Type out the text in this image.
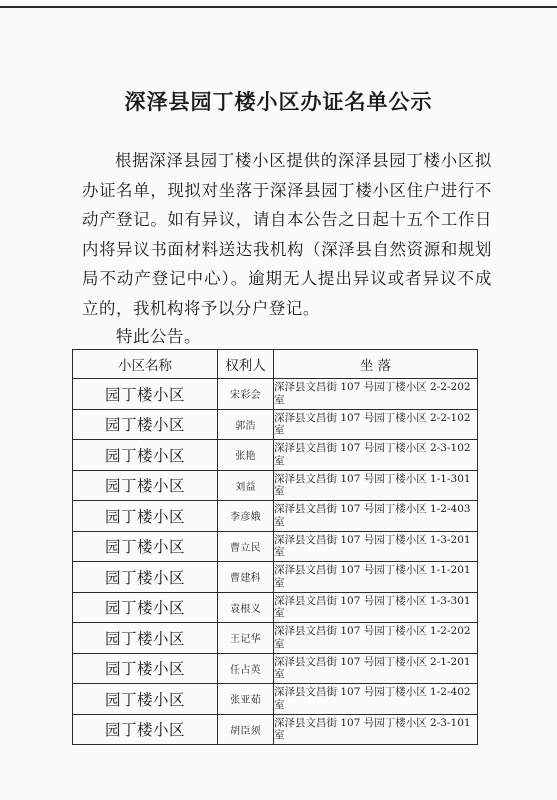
深泽县园丁楼小区办证名单公示
根据深泽县园丁楼小区提供的深泽县园丁楼小区拟办证名单，现拟对坐落于深泽县园丁楼小区住户进行不动产登记。如有异议，请自本公告之日起十五个工作日内将异议书面材料送达我机构（深泽县自然资源和规划局不动产登记中心）。逾期无人提出异议或者异议不成立的，我机构将予以分户登记。
特此公告。
小区名称	权利人	坐 落
园丁楼小区	宋彩会	深泽县文昌街 107 号园丁楼小区 2-2-202 室
园丁楼小区	郭浩	深泽县文昌街 107 号园丁楼小区 2-2-102 室
园丁楼小区	张艳	深泽县文昌街 107 号园丁楼小区 2-3-102 室
园丁楼小区	刘益	深泽县文昌街 107 号园丁楼小区 1-1-301 室
园丁楼小区	李彦娥	深泽县文昌街 107 号园丁楼小区 1-2-403 室
园丁楼小区	曹立民	深泽县文昌街 107 号园丁楼小区 1-3-201 室
园丁楼小区	曹建科	深泽县文昌街 107 号园丁楼小区 1-1-201 室
园丁楼小区	袁根义	深泽县文昌街 107 号园丁楼小区 1-3-301 室
园丁楼小区	王记华	深泽县文昌街 107 号园丁楼小区 1-2-202 室
园丁楼小区	任占英	深泽县文昌街 107 号园丁楼小区 2-1-201 室
园丁楼小区	张亚茹	深泽县文昌街 107 号园丁楼小区 1-2-402 室
园丁楼小区	胡臣须	深泽县文昌街 107 号园丁楼小区 2-3-101 室
